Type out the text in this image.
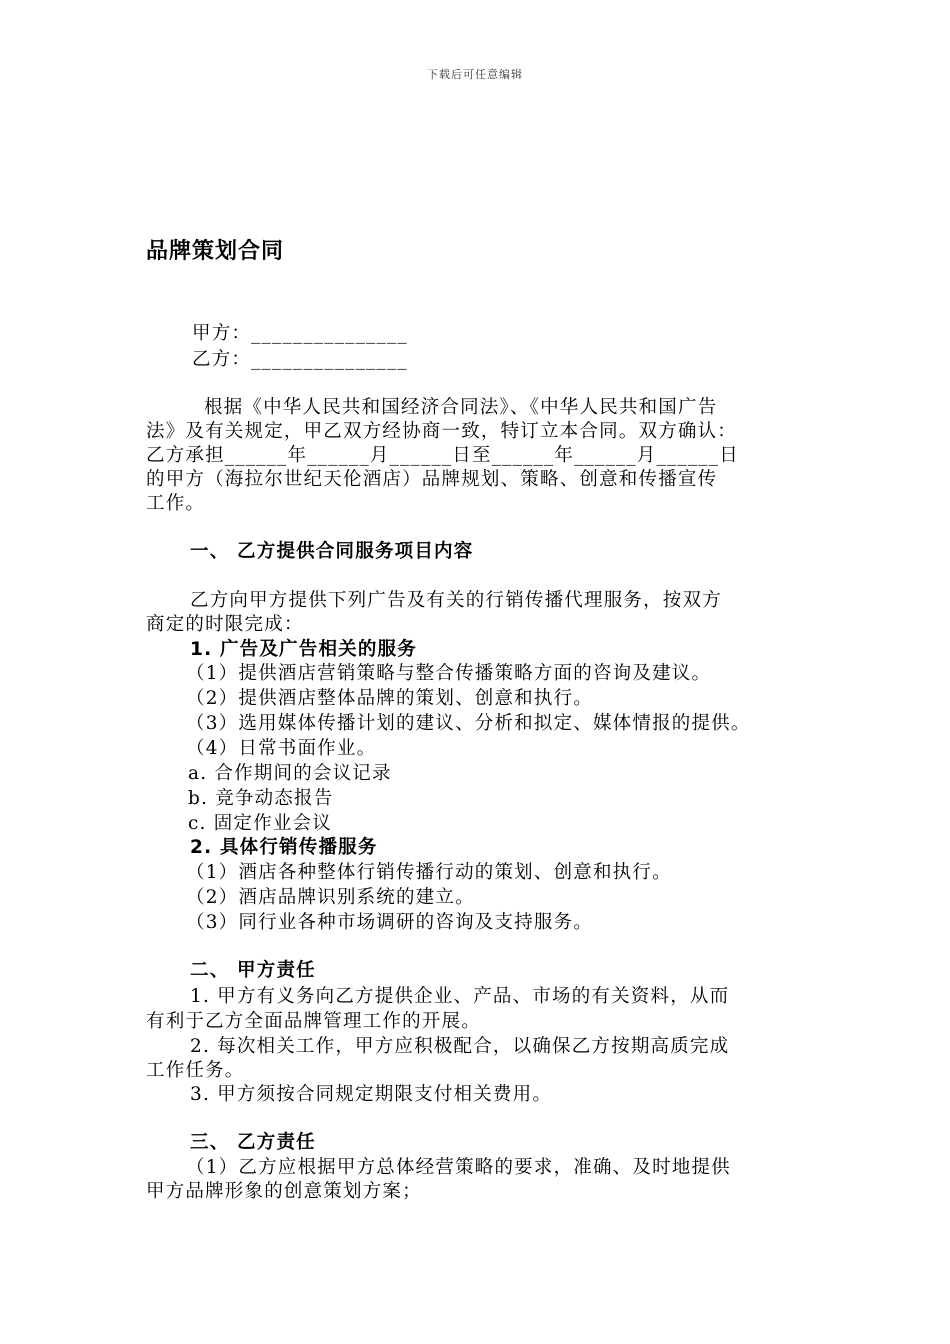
下载后可任意编辑
品牌策划合同
甲方：_______________
乙方：_______________
根据《中华人民共和国经济合同法》、《中华人民共和国广告
法》及有关规定，甲乙双方经协商一致，特订立本合同。双方确认：
乙方承担______年______月______日至______年______月______日
的甲方（海拉尔世纪天伦酒店）品牌规划、策略、创意和传播宣传
工作。
一、 乙方提供合同服务项目内容
乙方向甲方提供下列广告及有关的行销传播代理服务，按双方
商定的时限完成：
1. 广告及广告相关的服务
（1）提供酒店营销策略与整合传播策略方面的咨询及建议。
（2）提供酒店整体品牌的策划、创意和执行。
（3）选用媒体传播计划的建议、分析和拟定、媒体情报的提供。
（4）日常书面作业。
a. 合作期间的会议记录
b. 竞争动态报告
c. 固定作业会议
2. 具体行销传播服务
（1）酒店各种整体行销传播行动的策划、创意和执行。
（2）酒店品牌识别系统的建立。
（3）同行业各种市场调研的咨询及支持服务。
二、 甲方责任
1. 甲方有义务向乙方提供企业、产品、市场的有关资料，从而
有利于乙方全面品牌管理工作的开展。
2. 每次相关工作，甲方应积极配合，以确保乙方按期高质完成
工作任务。
3. 甲方须按合同规定期限支付相关费用。
三、 乙方责任
（1）乙方应根据甲方总体经营策略的要求，准确、及时地提供
甲方品牌形象的创意策划方案；
